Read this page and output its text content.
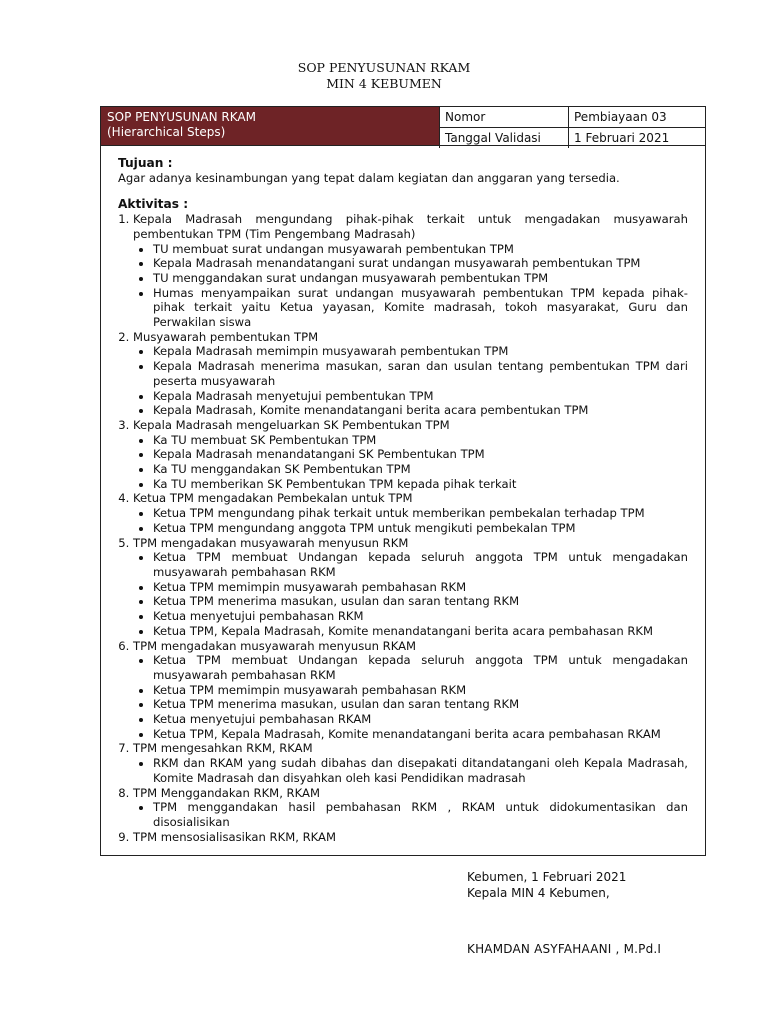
SOP PENYUSUNAN RKAM
MIN 4 KEBUMEN
SOP PENYUSUNAN RKAM
(Hierarchical Steps)
Nomor	Pembiayaan 03
Tanggal Validasi	1 Februari 2021

Tujuan :

Agar adanya kesinambungan yang tepat dalam kegiatan dan anggaran yang tersedia.

Aktivitas :

1. Kepala Madrasah mengundang pihak-pihak terkait untuk mengadakan musyawarah pembentukan TPM (Tim Pengembang Madrasah)
• TU membuat surat undangan musyawarah pembentukan TPM
• Kepala Madrasah menandatangani surat undangan musyawarah pembentukan TPM
• TU menggandakan surat undangan musyawarah pembentukan TPM
• Humas menyampaikan surat undangan musyawarah pembentukan TPM kepada pihak-pihak terkait yaitu Ketua yayasan, Komite madrasah, tokoh masyarakat, Guru dan Perwakilan siswa
2. Musyawarah pembentukan TPM
• Kepala Madrasah memimpin musyawarah pembentukan TPM
• Kepala Madrasah menerima masukan, saran dan usulan tentang pembentukan TPM dari peserta musyawarah
• Kepala Madrasah menyetujui pembentukan TPM
• Kepala Madrasah, Komite menandatangani berita acara pembentukan TPM
3. Kepala Madrasah mengeluarkan SK Pembentukan TPM
• Ka TU membuat SK Pembentukan TPM
• Kepala Madrasah menandatangani SK Pembentukan TPM
• Ka TU menggandakan SK Pembentukan TPM
• Ka TU memberikan SK Pembentukan TPM kepada pihak terkait
4. Ketua TPM mengadakan Pembekalan untuk TPM
• Ketua TPM mengundang pihak terkait untuk memberikan pembekalan terhadap TPM
• Ketua TPM mengundang anggota TPM untuk mengikuti pembekalan TPM
5. TPM mengadakan musyawarah menyusun RKM
• Ketua TPM membuat Undangan kepada seluruh anggota TPM untuk mengadakan musyawarah pembahasan RKM
• Ketua TPM memimpin musyawarah pembahasan RKM
• Ketua TPM menerima masukan, usulan dan saran tentang RKM
• Ketua menyetujui pembahasan RKM
• Ketua TPM, Kepala Madrasah, Komite menandatangani berita acara pembahasan RKM
6. TPM mengadakan musyawarah menyusun RKAM
• Ketua TPM membuat Undangan kepada seluruh anggota TPM untuk mengadakan musyawarah pembahasan RKM
• Ketua TPM memimpin musyawarah pembahasan RKM
• Ketua TPM menerima masukan, usulan dan saran tentang RKM
• Ketua menyetujui pembahasan RKAM
• Ketua TPM, Kepala Madrasah, Komite menandatangani berita acara pembahasan RKAM
7. TPM mengesahkan RKM, RKAM
• RKM dan RKAM yang sudah dibahas dan disepakati ditandatangani oleh Kepala Madrasah, Komite Madrasah dan disyahkan oleh kasi Pendidikan madrasah
8. TPM Menggandakan RKM, RKAM
• TPM menggandakan hasil pembahasan RKM , RKAM untuk didokumentasikan dan disosialisikan
9. TPM mensosialisasikan RKM, RKAM
Kebumen, 1 Februari 2021
Kepala MIN 4 Kebumen,
KHAMDAN ASYFAHAANI , M.Pd.I
